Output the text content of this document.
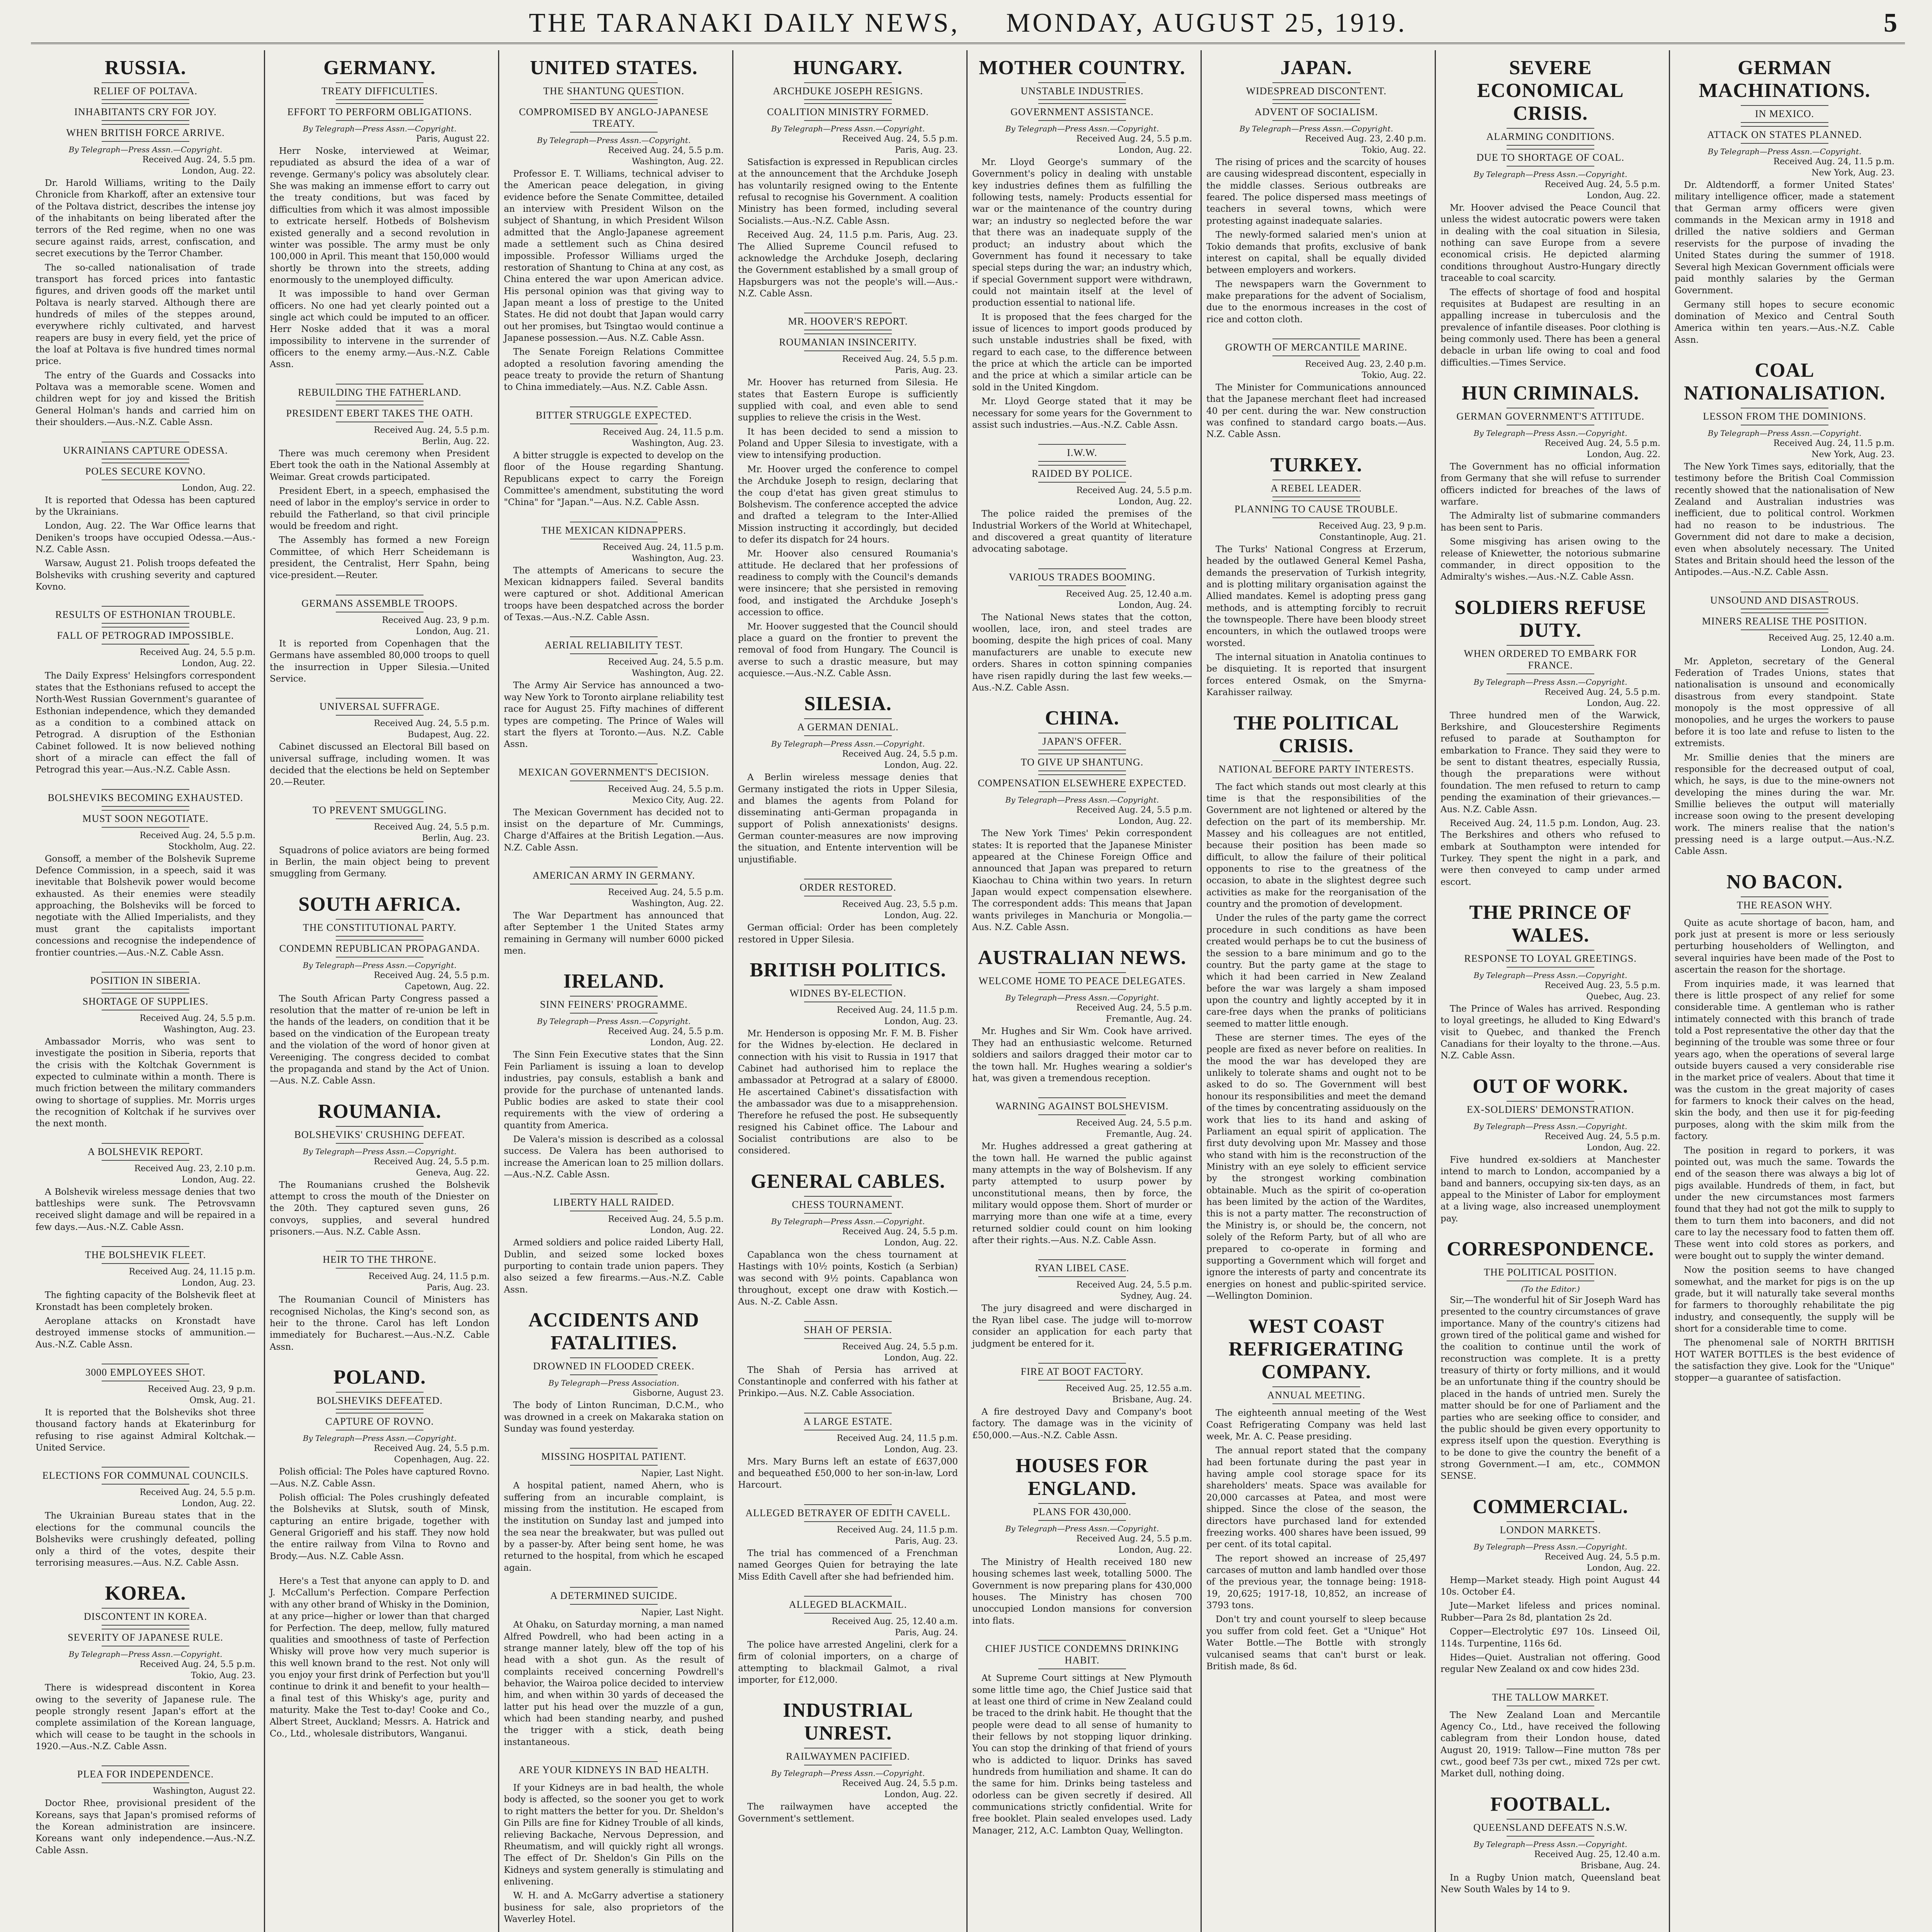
THE TARANAKI DAILY NEWS, MONDAY, AUGUST 25, 1919.	5
RUSSIA.
RELIEF OF POLTAVA.
INHABITANTS CRY FOR JOY.
WHEN BRITISH FORCE ARRIVE.
By Telegraph—Press Assn.—Copyright.
Received Aug. 24, 5.5 pm.
London, Aug. 22.

Dr. Harold Williams, writing to the Daily Chronicle from Kharkoff, after an extensive tour of the Poltava district, describes the intense joy of the inhabitants on being liberated after the terrors of the Red regime, when no one was secure against raids, arrest, confiscation, and secret executions by the Terror Chamber.

The so-called nationalisation of trade transport has forced prices into fantastic figures, and driven goods off the market until Poltava is nearly starved. Although there are hundreds of miles of the steppes around, everywhere richly cultivated, and harvest reapers are busy in every field, yet the price of the loaf at Poltava is five hundred times normal price.

The entry of the Guards and Cossacks into Poltava was a memorable scene. Women and children wept for joy and kissed the British General Holman's hands and carried him on their shoulders.—Aus.-N.Z. Cable Assn.

UKRAINIANS CAPTURE ODESSA.
POLES SECURE KOVNO.
London, Aug. 22.

It is reported that Odessa has been captured by the Ukrainians.

London, Aug. 22. The War Office learns that Deniken's troops have occupied Odessa.—Aus.-N.Z. Cable Assn.

Warsaw, August 21. Polish troops defeated the Bolsheviks with crushing severity and captured Kovno.

RESULTS OF ESTHONIAN TROUBLE.
FALL OF PETROGRAD IMPOSSIBLE.
Received Aug. 24, 5.5 p.m.
London, Aug. 22.

The Daily Express' Helsingfors correspondent states that the Esthonians refused to accept the North-West Russian Government's guarantee of Esthonian independence, which they demanded as a condition to a combined attack on Petrograd. A disruption of the Esthonian Cabinet followed. It is now believed nothing short of a miracle can effect the fall of Petrograd this year.—Aus.-N.Z. Cable Assn.

BOLSHEVIKS BECOMING EXHAUSTED.
MUST SOON NEGOTIATE.
Received Aug. 24, 5.5 p.m.
Stockholm, Aug. 22.

Gonsoff, a member of the Bolshevik Supreme Defence Commission, in a speech, said it was inevitable that Bolshevik power would become exhausted. As their enemies were steadily approaching, the Bolsheviks will be forced to negotiate with the Allied Imperialists, and they must grant the capitalists important concessions and recognise the independence of frontier countries.—Aus.-N.Z. Cable Assn.

POSITION IN SIBERIA.
SHORTAGE OF SUPPLIES.
Received Aug. 24, 5.5 p.m.
Washington, Aug. 23.

Ambassador Morris, who was sent to investigate the position in Siberia, reports that the crisis with the Koltchak Government is expected to culminate within a month. There is much friction between the military commanders owing to shortage of supplies. Mr. Morris urges the recognition of Koltchak if he survives over the next month.

A BOLSHEVIK REPORT.
Received Aug. 23, 2.10 p.m.
London, Aug. 22.

A Bolshevik wireless message denies that two battleships were sunk. The Petrovsvamn received slight damage and will be repaired in a few days.—Aus.-N.Z. Cable Assn.

THE BOLSHEVIK FLEET.
Received Aug. 24, 11.15 p.m.
London, Aug. 23.

The fighting capacity of the Bolshevik fleet at Kronstadt has been completely broken.

Aeroplane attacks on Kronstadt have destroyed immense stocks of ammunition.—Aus.-N.Z. Cable Assn.

3000 EMPLOYEES SHOT.
Received Aug. 23, 9 p.m.
Omsk, Aug. 21.

It is reported that the Bolsheviks shot three thousand factory hands at Ekaterinburg for refusing to rise against Admiral Koltchak.—United Service.

ELECTIONS FOR COMMUNAL COUNCILS.
Received Aug. 24, 5.5 p.m.
London, Aug. 22.

The Ukrainian Bureau states that in the elections for the communal councils the Bolsheviks were crushingly defeated, polling only a third of the votes, despite their terrorising measures.—Aus. N.Z. Cable Assn.

KOREA.
DISCONTENT IN KOREA.
SEVERITY OF JAPANESE RULE.
By Telegraph—Press Assn.—Copyright.
Received Aug. 24, 5.5 p.m.
Tokio, Aug. 23.

There is widespread discontent in Korea owing to the severity of Japanese rule. The people strongly resent Japan's effort at the complete assimilation of the Korean language, which will cease to be taught in the schools in 1920.—Aus.-N.Z. Cable Assn.

PLEA FOR INDEPENDENCE.
Washington, August 22.

Doctor Rhee, provisional president of the Koreans, says that Japan's promised reforms of the Korean administration are insincere. Koreans want only independence.—Aus.-N.Z. Cable Assn.

GERMANY.
TREATY DIFFICULTIES.
EFFORT TO PERFORM OBLIGATIONS.
By Telegraph—Press Assn.—Copyright.
Paris, August 22.

Herr Noske, interviewed at Weimar, repudiated as absurd the idea of a war of revenge. Germany's policy was absolutely clear. She was making an immense effort to carry out the treaty conditions, but was faced by difficulties from which it was almost impossible to extricate herself. Hotbeds of Bolshevism existed generally and a second revolution in winter was possible. The army must be only 100,000 in April. This meant that 150,000 would shortly be thrown into the streets, adding enormously to the unemployed difficulty.

It was impossible to hand over German officers. No one had yet clearly pointed out a single act which could be imputed to an officer. Herr Noske added that it was a moral impossibility to intervene in the surrender of officers to the enemy army.—Aus.-N.Z. Cable Assn.

REBUILDING THE FATHERLAND.
PRESIDENT EBERT TAKES THE OATH.
Received Aug. 24, 5.5 p.m.
Berlin, Aug. 22.

There was much ceremony when President Ebert took the oath in the National Assembly at Weimar. Great crowds participated.

President Ebert, in a speech, emphasised the need of labor in the employ's service in order to rebuild the Fatherland, so that civil principle would be freedom and right.

The Assembly has formed a new Foreign Committee, of which Herr Scheidemann is president, the Centralist, Herr Spahn, being vice-president.—Reuter.

GERMANS ASSEMBLE TROOPS.
Received Aug. 23, 9 p.m.
London, Aug. 21.

It is reported from Copenhagen that the Germans have assembled 80,000 troops to quell the insurrection in Upper Silesia.—United Service.

UNIVERSAL SUFFRAGE.
Received Aug. 24, 5.5 p.m.
Budapest, Aug. 22.

Cabinet discussed an Electoral Bill based on universal suffrage, including women. It was decided that the elections be held on September 20.—Reuter.

TO PREVENT SMUGGLING.
Received Aug. 24, 5.5 p.m.
Berlin, Aug. 23.

Squadrons of police aviators are being formed in Berlin, the main object being to prevent smuggling from Germany.

SOUTH AFRICA.
THE CONSTITUTIONAL PARTY.
CONDEMN REPUBLICAN PROPAGANDA.
By Telegraph—Press Assn.—Copyright.
Received Aug. 24, 5.5 p.m.
Capetown, Aug. 22.

The South African Party Congress passed a resolution that the matter of re-union be left in the hands of the leaders, on condition that it be based on the vindication of the European treaty and the violation of the word of honor given at Vereeniging. The congress decided to combat the propaganda and stand by the Act of Union.—Aus. N.Z. Cable Assn.

ROUMANIA.
BOLSHEVIKS' CRUSHING DEFEAT.
By Telegraph—Press Assn.—Copyright.
Received Aug. 24, 5.5 p.m.
Geneva, Aug. 22.

The Roumanians crushed the Bolshevik attempt to cross the mouth of the Dniester on the 20th. They captured seven guns, 26 convoys, supplies, and several hundred prisoners.—Aus. N.Z. Cable Assn.

HEIR TO THE THRONE.
Received Aug. 24, 11.5 p.m.
Paris, Aug. 23.

The Roumanian Council of Ministers has recognised Nicholas, the King's second son, as heir to the throne. Carol has left London immediately for Bucharest.—Aus.-N.Z. Cable Assn.

POLAND.
BOLSHEVIKS DEFEATED.
CAPTURE OF ROVNO.
By Telegraph—Press Assn.—Copyright.
Received Aug. 24, 5.5 p.m.
Copenhagen, Aug. 22.

Polish official: The Poles have captured Rovno.—Aus. N.Z. Cable Assn.

Polish official: The Poles crushingly defeated the Bolsheviks at Slutsk, south of Minsk, capturing an entire brigade, together with General Grigorieff and his staff. They now hold the entire railway from Vilna to Rovno and Brody.—Aus. N.Z. Cable Assn.

Here's a Test that anyone can apply to D. and J. McCallum's Perfection. Compare Perfection with any other brand of Whisky in the Dominion, at any price—higher or lower than that charged for Perfection. The deep, mellow, fully matured qualities and smoothness of taste of Perfection Whisky will prove how very much superior is this well known brand to the rest. Not only will you enjoy your first drink of Perfection but you'll continue to drink it and benefit to your health—a final test of this Whisky's age, purity and maturity. Make the Test to-day! Cooke and Co., Albert Street, Auckland; Messrs. A. Hatrick and Co., Ltd., wholesale distributors, Wanganui.

UNITED STATES.
THE SHANTUNG QUESTION.
COMPROMISED BY ANGLO-JAPANESE TREATY.
By Telegraph—Press Assn.—Copyright.
Received Aug. 24, 5.5 p.m.
Washington, Aug. 22.

Professor E. T. Williams, technical adviser to the American peace delegation, in giving evidence before the Senate Committee, detailed an interview with President Wilson on the subject of Shantung, in which President Wilson admitted that the Anglo-Japanese agreement made a settlement such as China desired impossible. Professor Williams urged the restoration of Shantung to China at any cost, as China entered the war upon American advice. His personal opinion was that giving way to Japan meant a loss of prestige to the United States. He did not doubt that Japan would carry out her promises, but Tsingtao would continue a Japanese possession.—Aus. N.Z. Cable Assn.

The Senate Foreign Relations Committee adopted a resolution favoring amending the peace treaty to provide the return of Shantung to China immediately.—Aus. N.Z. Cable Assn.

BITTER STRUGGLE EXPECTED.
Received Aug. 24, 11.5 p.m.
Washington, Aug. 23.

A bitter struggle is expected to develop on the floor of the House regarding Shantung. Republicans expect to carry the Foreign Committee's amendment, substituting the word "China" for "Japan."—Aus. N.Z. Cable Assn.

THE MEXICAN KIDNAPPERS.
Received Aug. 24, 11.5 p.m.
Washington, Aug. 23.

The attempts of Americans to secure the Mexican kidnappers failed. Several bandits were captured or shot. Additional American troops have been despatched across the border of Texas.—Aus.-N.Z. Cable Assn.

AERIAL RELIABILITY TEST.
Received Aug. 24, 5.5 p.m.
Washington, Aug. 22.

The Army Air Service has announced a two-way New York to Toronto airplane reliability test race for August 25. Fifty machines of different types are competing. The Prince of Wales will start the flyers at Toronto.—Aus. N.Z. Cable Assn.

MEXICAN GOVERNMENT'S DECISION.
Received Aug. 24, 5.5 p.m.
Mexico City, Aug. 22.

The Mexican Government has decided not to insist on the departure of Mr. Cummings, Charge d'Affaires at the British Legation.—Aus. N.Z. Cable Assn.

AMERICAN ARMY IN GERMANY.
Received Aug. 24, 5.5 p.m.
Washington, Aug. 22.

The War Department has announced that after September 1 the United States army remaining in Germany will number 6000 picked men.

IRELAND.
SINN FEINERS' PROGRAMME.
By Telegraph—Press Assn.—Copyright.
Received Aug. 24, 5.5 p.m.
London, Aug. 22.

The Sinn Fein Executive states that the Sinn Fein Parliament is issuing a loan to develop industries, pay consuls, establish a bank and provide for the purchase of untenanted lands. Public bodies are asked to state their cool requirements with the view of ordering a quantity from America.

De Valera's mission is described as a colossal success. De Valera has been authorised to increase the American loan to 25 million dollars.—Aus.-N.Z. Cable Assn.

LIBERTY HALL RAIDED.
Received Aug. 24, 5.5 p.m.
London, Aug. 22.

Armed soldiers and police raided Liberty Hall, Dublin, and seized some locked boxes purporting to contain trade union papers. They also seized a few firearms.—Aus.-N.Z. Cable Assn.

ACCIDENTS AND FATALITIES.
DROWNED IN FLOODED CREEK.
By Telegraph—Press Association.
Gisborne, August 23.

The body of Linton Runciman, D.C.M., who was drowned in a creek on Makaraka station on Sunday was found yesterday.

MISSING HOSPITAL PATIENT.
Napier, Last Night.

A hospital patient, named Ahern, who is suffering from an incurable complaint, is missing from the institution. He escaped from the institution on Sunday last and jumped into the sea near the breakwater, but was pulled out by a passer-by. After being sent home, he was returned to the hospital, from which he escaped again.

A DETERMINED SUICIDE.
Napier, Last Night.

At Ohaku, on Saturday morning, a man named Alfred Powdrell, who had been acting in a strange manner lately, blew off the top of his head with a shot gun. As the result of complaints received concerning Powdrell's behavior, the Wairoa police decided to interview him, and when within 30 yards of deceased the latter put his head over the muzzle of a gun, which had been standing nearby, and pushed the trigger with a stick, death being instantaneous.

ARE YOUR KIDNEYS IN BAD HEALTH.

If your Kidneys are in bad health, the whole body is affected, so the sooner you get to work to right matters the better for you. Dr. Sheldon's Gin Pills are fine for Kidney Trouble of all kinds, relieving Backache, Nervous Depression, and Rheumatism, and will quickly right all wrongs. The effect of Dr. Sheldon's Gin Pills on the Kidneys and system generally is stimulating and enlivening.

W. H. and A. McGarry advertise a stationery business for sale, also proprietors of the Waverley Hotel.

HUNGARY.
ARCHDUKE JOSEPH RESIGNS.
COALITION MINISTRY FORMED.
By Telegraph—Press Assn.—Copyright.
Received Aug. 24, 5.5 p.m.
Paris, Aug. 23.

Satisfaction is expressed in Republican circles at the announcement that the Archduke Joseph has voluntarily resigned owing to the Entente refusal to recognise his Government. A coalition Ministry has been formed, including several Socialists.—Aus.-N.Z. Cable Assn.

Received Aug. 24, 11.5 p.m. Paris, Aug. 23. The Allied Supreme Council refused to acknowledge the Archduke Joseph, declaring the Government established by a small group of Hapsburgers was not the people's will.—Aus.-N.Z. Cable Assn.

MR. HOOVER'S REPORT.
ROUMANIAN INSINCERITY.
Received Aug. 24, 5.5 p.m.
Paris, Aug. 23.

Mr. Hoover has returned from Silesia. He states that Eastern Europe is sufficiently supplied with coal, and even able to send supplies to relieve the crisis in the West.

It has been decided to send a mission to Poland and Upper Silesia to investigate, with a view to intensifying production.

Mr. Hoover urged the conference to compel the Archduke Joseph to resign, declaring that the coup d'etat has given great stimulus to Bolshevism. The conference accepted the advice and drafted a telegram to the Inter-Allied Mission instructing it accordingly, but decided to defer its dispatch for 24 hours.

Mr. Hoover also censured Roumania's attitude. He declared that her professions of readiness to comply with the Council's demands were insincere; that she persisted in removing food, and instigated the Archduke Joseph's accession to office.

Mr. Hoover suggested that the Council should place a guard on the frontier to prevent the removal of food from Hungary. The Council is averse to such a drastic measure, but may acquiesce.—Aus.-N.Z. Cable Assn.

SILESIA.
A GERMAN DENIAL.
By Telegraph—Press Assn.—Copyright.
Received Aug. 24, 5.5 p.m.
London, Aug. 22.

A Berlin wireless message denies that Germany instigated the riots in Upper Silesia, and blames the agents from Poland for disseminating anti-German propaganda in support of Polish annexationists' designs. German counter-measures are now improving the situation, and Entente intervention will be unjustifiable.

ORDER RESTORED.
Received Aug. 23, 5.5 p.m.
London, Aug. 22.

German official: Order has been completely restored in Upper Silesia.

BRITISH POLITICS.
WIDNES BY-ELECTION.
Received Aug. 24, 11.5 p.m.
London, Aug. 23.

Mr. Henderson is opposing Mr. F. M. B. Fisher for the Widnes by-election. He declared in connection with his visit to Russia in 1917 that Cabinet had authorised him to replace the ambassador at Petrograd at a salary of £8000. He ascertained Cabinet's dissatisfaction with the ambassador was due to a misapprehension. Therefore he refused the post. He subsequently resigned his Cabinet office. The Labour and Socialist contributions are also to be considered.

GENERAL CABLES.
CHESS TOURNAMENT.
By Telegraph—Press Assn.—Copyright.
Received Aug. 24, 5.5 p.m.
London, Aug. 22.

Capablanca won the chess tournament at Hastings with 10½ points, Kostich (a Serbian) was second with 9½ points. Capablanca won throughout, except one draw with Kostich.—Aus. N.-Z. Cable Assn.

SHAH OF PERSIA.
Received Aug. 24, 5.5 p.m.
London, Aug. 22.

The Shah of Persia has arrived at Constantinople and conferred with his father at Prinkipo.—Aus. N.Z. Cable Association.

A LARGE ESTATE.
Received Aug. 24, 11.5 p.m.
London, Aug. 23.

Mrs. Mary Burns left an estate of £637,000 and bequeathed £50,000 to her son-in-law, Lord Harcourt.

ALLEGED BETRAYER OF EDITH CAVELL.
Received Aug. 24, 11.5 p.m.
Paris, Aug. 23.

The trial has commenced of a Frenchman named Georges Quien for betraying the late Miss Edith Cavell after she had befriended him.

ALLEGED BLACKMAIL.
Received Aug. 25, 12.40 a.m.
Paris, Aug. 24.

The police have arrested Angelini, clerk for a firm of colonial importers, on a charge of attempting to blackmail Galmot, a rival importer, for £12,000.

INDUSTRIAL UNREST.
RAILWAYMEN PACIFIED.
By Telegraph—Press Assn.—Copyright.
Received Aug. 24, 5.5 p.m.
London, Aug. 22.

The railwaymen have accepted the Government's settlement.

MOTHER COUNTRY.
UNSTABLE INDUSTRIES.
GOVERNMENT ASSISTANCE.
By Telegraph—Press Assn.—Copyright.
Received Aug. 24, 5.5 p.m.
London, Aug. 22.

Mr. Lloyd George's summary of the Government's policy in dealing with unstable key industries defines them as fulfilling the following tests, namely: Products essential for war or the maintenance of the country during war; an industry so neglected before the war that there was an inadequate supply of the product; an industry about which the Government has found it necessary to take special steps during the war; an industry which, if special Government support were withdrawn, could not maintain itself at the level of production essential to national life.

It is proposed that the fees charged for the issue of licences to import goods produced by such unstable industries shall be fixed, with regard to each case, to the difference between the price at which the article can be imported and the price at which a similar article can be sold in the United Kingdom.

Mr. Lloyd George stated that it may be necessary for some years for the Government to assist such industries.—Aus.-N.Z. Cable Assn.

I.W.W.
RAIDED BY POLICE.
Received Aug. 24, 5.5 p.m.
London, Aug. 22.

The police raided the premises of the Industrial Workers of the World at Whitechapel, and discovered a great quantity of literature advocating sabotage.

VARIOUS TRADES BOOMING.
Received Aug. 25, 12.40 a.m.
London, Aug. 24.

The National News states that the cotton, woollen, lace, iron, and steel trades are booming, despite the high prices of coal. Many manufacturers are unable to execute new orders. Shares in cotton spinning companies have risen rapidly during the last few weeks.—Aus.-N.Z. Cable Assn.

CHINA.
JAPAN'S OFFER.
TO GIVE UP SHANTUNG.
COMPENSATION ELSEWHERE EXPECTED.
By Telegraph—Press Assn.—Copyright.
Received Aug. 24, 5.5 p.m.
London, Aug. 22.

The New York Times' Pekin correspondent states: It is reported that the Japanese Minister appeared at the Chinese Foreign Office and announced that Japan was prepared to return Kiaochau to China within two years. In return Japan would expect compensation elsewhere. The correspondent adds: This means that Japan wants privileges in Manchuria or Mongolia.—Aus. N.Z. Cable Assn.

AUSTRALIAN NEWS.
WELCOME HOME TO PEACE DELEGATES.
By Telegraph—Press Assn.—Copyright.
Received Aug. 24, 5.5 p.m.
Fremantle, Aug. 24.

Mr. Hughes and Sir Wm. Cook have arrived. They had an enthusiastic welcome. Returned soldiers and sailors dragged their motor car to the town hall. Mr. Hughes wearing a soldier's hat, was given a tremendous reception.

WARNING AGAINST BOLSHEVISM.
Received Aug. 24, 5.5 p.m.
Fremantle, Aug. 24.

Mr. Hughes addressed a great gathering at the town hall. He warned the public against many attempts in the way of Bolshevism. If any party attempted to usurp power by unconstitutional means, then by force, the military would oppose them. Short of murder or marrying more than one wife at a time, every returned soldier could count on him looking after their rights.—Aus. N.Z. Cable Assn.

RYAN LIBEL CASE.
Received Aug. 24, 5.5 p.m.
Sydney, Aug. 24.

The jury disagreed and were discharged in the Ryan libel case. The judge will to-morrow consider an application for each party that judgment be entered for it.

FIRE AT BOOT FACTORY.
Received Aug. 25, 12.55 a.m.
Brisbane, Aug. 24.

A fire destroyed Davy and Company's boot factory. The damage was in the vicinity of £50,000.—Aus.-N.Z. Cable Assn.

HOUSES FOR ENGLAND.
PLANS FOR 430,000.
By Telegraph—Press Assn.—Copyright.
Received Aug. 24, 5.5 p.m.
London, Aug. 22.

The Ministry of Health received 180 new housing schemes last week, totalling 5000. The Government is now preparing plans for 430,000 houses. The Ministry has chosen 700 unoccupied London mansions for conversion into flats.

CHIEF JUSTICE CONDEMNS DRINKING HABIT.

At Supreme Court sittings at New Plymouth some little time ago, the Chief Justice said that at least one third of crime in New Zealand could be traced to the drink habit. He thought that the people were dead to all sense of humanity to their fellows by not stopping liquor drinking. You can stop the drinking of that friend of yours who is addicted to liquor. Drinks has saved hundreds from humiliation and shame. It can do the same for him. Drinks being tasteless and odorless can be given secretly if desired. All communications strictly confidential. Write for free booklet. Plain sealed envelopes used. Lady Manager, 212, A.C. Lambton Quay, Wellington.

JAPAN.
WIDESPREAD DISCONTENT.
ADVENT OF SOCIALISM.
By Telegraph—Press Assn.—Copyright.
Received Aug. 23, 2.40 p.m.
Tokio, Aug. 22.

The rising of prices and the scarcity of houses are causing widespread discontent, especially in the middle classes. Serious outbreaks are feared. The police dispersed mass meetings of teachers in several towns, which were protesting against inadequate salaries.

The newly-formed salaried men's union at Tokio demands that profits, exclusive of bank interest on capital, shall be equally divided between employers and workers.

The newspapers warn the Government to make preparations for the advent of Socialism, due to the enormous increases in the cost of rice and cotton cloth.

GROWTH OF MERCANTILE MARINE.
Received Aug. 23, 2.40 p.m.
Tokio, Aug. 22.

The Minister for Communications announced that the Japanese merchant fleet had increased 40 per cent. during the war. New construction was confined to standard cargo boats.—Aus. N.Z. Cable Assn.

TURKEY.
A REBEL LEADER.
PLANNING TO CAUSE TROUBLE.
Received Aug. 23, 9 p.m.
Constantinople, Aug. 21.

The Turks' National Congress at Erzerum, headed by the outlawed General Kemel Pasha, demands the preservation of Turkish integrity, and is plotting military organisation against the Allied mandates. Kemel is adopting press gang methods, and is attempting forcibly to recruit the townspeople. There have been bloody street encounters, in which the outlawed troops were worsted.

The internal situation in Anatolia continues to be disquieting. It is reported that insurgent forces entered Osmak, on the Smyrna-Karahisser railway.

THE POLITICAL CRISIS.
NATIONAL BEFORE PARTY INTERESTS.

The fact which stands out most clearly at this time is that the responsibilities of the Government are not lightened or altered by the defection on the part of its membership. Mr. Massey and his colleagues are not entitled, because their position has been made so difficult, to allow the failure of their political opponents to rise to the greatness of the occasion, to abate in the slightest degree such activities as make for the reorganisation of the country and the promotion of development.

Under the rules of the party game the correct procedure in such conditions as have been created would perhaps be to cut the business of the session to a bare minimum and go to the country. But the party game at the stage to which it had been carried in New Zealand before the war was largely a sham imposed upon the country and lightly accepted by it in care-free days when the pranks of politicians seemed to matter little enough.

These are sterner times. The eyes of the people are fixed as never before on realities. In the mood the war has developed they are unlikely to tolerate shams and ought not to be asked to do so. The Government will best honour its responsibilities and meet the demand of the times by concentrating assiduously on the work that lies to its hand and asking of Parliament an equal spirit of application. The first duty devolving upon Mr. Massey and those who stand with him is the reconstruction of the Ministry with an eye solely to efficient service by the strongest working combination obtainable. Much as the spirit of co-operation has been limited by the action of the Wardites, this is not a party matter. The reconstruction of the Ministry is, or should be, the concern, not solely of the Reform Party, but of all who are prepared to co-operate in forming and supporting a Government which will forget and ignore the interests of party and concentrate its energies on honest and public-spirited service.—Wellington Dominion.

WEST COAST REFRIGERATING COMPANY.
ANNUAL MEETING.

The eighteenth annual meeting of the West Coast Refrigerating Company was held last week, Mr. A. C. Pease presiding.

The annual report stated that the company had been fortunate during the past year in having ample cool storage space for its shareholders' meats. Space was available for 20,000 carcasses at Patea, and most were shipped. Since the close of the season, the directors have purchased land for extended freezing works. 400 shares have been issued, 99 per cent. of its total capital.

The report showed an increase of 25,497 carcases of mutton and lamb handled over those of the previous year, the tonnage being: 1918-19, 20,625; 1917-18, 10,852, an increase of 3793 tons.

Don't try and count yourself to sleep because you suffer from cold feet. Get a "Unique" Hot Water Bottle.—The Bottle with strongly vulcanised seams that can't burst or leak. British made, 8s 6d.

SEVERE ECONOMICAL CRISIS.
ALARMING CONDITIONS.
DUE TO SHORTAGE OF COAL.
By Telegraph—Press Assn.—Copyright.
Received Aug. 24, 5.5 p.m.
London, Aug. 22.

Mr. Hoover advised the Peace Council that unless the widest autocratic powers were taken in dealing with the coal situation in Silesia, nothing can save Europe from a severe economical crisis. He depicted alarming conditions throughout Austro-Hungary directly traceable to coal scarcity.

The effects of shortage of food and hospital requisites at Budapest are resulting in an appalling increase in tuberculosis and the prevalence of infantile diseases. Poor clothing is being commonly used. There has been a general debacle in urban life owing to coal and food difficulties.—Times Service.

HUN CRIMINALS.
GERMAN GOVERNMENT'S ATTITUDE.
By Telegraph—Press Assn.—Copyright.
Received Aug. 24, 5.5 p.m.
London, Aug. 22.

The Government has no official information from Germany that she will refuse to surrender officers indicted for breaches of the laws of warfare.

The Admiralty list of submarine commanders has been sent to Paris.

Some misgiving has arisen owing to the release of Kniewetter, the notorious submarine commander, in direct opposition to the Admiralty's wishes.—Aus.-N.Z. Cable Assn.

SOLDIERS REFUSE DUTY.
WHEN ORDERED TO EMBARK FOR FRANCE.
By Telegraph—Press Assn.—Copyright.
Received Aug. 24, 5.5 p.m.
London, Aug. 22.

Three hundred men of the Warwick, Berkshire, and Gloucestershire Regiments refused to parade at Southampton for embarkation to France. They said they were to be sent to distant theatres, especially Russia, though the preparations were without foundation. The men refused to return to camp pending the examination of their grievances.—Aus. N.Z. Cable Assn.

Received Aug. 24, 11.5 p.m. London, Aug. 23. The Berkshires and others who refused to embark at Southampton were intended for Turkey. They spent the night in a park, and were then conveyed to camp under armed escort.

THE PRINCE OF WALES.
RESPONSE TO LOYAL GREETINGS.
By Telegraph—Press Assn.—Copyright.
Received Aug. 23, 5.5 p.m.
Quebec, Aug. 23.

The Prince of Wales has arrived. Responding to loyal greetings, he alluded to King Edward's visit to Quebec, and thanked the French Canadians for their loyalty to the throne.—Aus. N.Z. Cable Assn.

OUT OF WORK.
EX-SOLDIERS' DEMONSTRATION.
By Telegraph—Press Assn.—Copyright.
Received Aug. 24, 5.5 p.m.
London, Aug. 22.

Five hundred ex-soldiers at Manchester intend to march to London, accompanied by a band and banners, occupying six-ten days, as an appeal to the Minister of Labor for employment at a living wage, also increased unemployment pay.

CORRESPONDENCE.
THE POLITICAL POSITION.
(To the Editor.)

Sir,—The wonderful hit of Sir Joseph Ward has presented to the country circumstances of grave importance. Many of the country's citizens had grown tired of the political game and wished for the coalition to continue until the work of reconstruction was complete. It is a pretty treasury of thirty or forty millions, and it would be an unfortunate thing if the country should be placed in the hands of untried men. Surely the matter should be for one of Parliament and the parties who are seeking office to consider, and the public should be given every opportunity to express itself upon the question. Everything is to be done to give the country the benefit of a strong Government.—I am, etc., COMMON SENSE.

COMMERCIAL.
LONDON MARKETS.
By Telegraph—Press Assn.—Copyright.
Received Aug. 24, 5.5 p.m.
London, Aug. 22.

Hemp—Market steady. High point August 44 10s. October £4.

Jute—Market lifeless and prices nominal. Rubber—Para 2s 8d, plantation 2s 2d.

Copper—Electrolytic £97 10s. Linseed Oil, 114s. Turpentine, 116s 6d.

Hides—Quiet. Australian not offering. Good regular New Zealand ox and cow hides 23d.

THE TALLOW MARKET.

The New Zealand Loan and Mercantile Agency Co., Ltd., have received the following cablegram from their London house, dated August 20, 1919: Tallow—Fine mutton 78s per cwt., good beef 73s per cwt., mixed 72s per cwt. Market dull, nothing doing.

FOOTBALL.
QUEENSLAND DEFEATS N.S.W.
By Telegraph—Press Assn.—Copyright.
Received Aug. 25, 12.40 a.m.
Brisbane, Aug. 24.

In a Rugby Union match, Queensland beat New South Wales by 14 to 9.

GERMAN MACHINATIONS.
IN MEXICO.
ATTACK ON STATES PLANNED.
By Telegraph—Press Assn.—Copyright.
Received Aug. 24, 11.5 p.m.
New York, Aug. 23.

Dr. Aldtendorff, a former United States' military intelligence officer, made a statement that German army officers were given commands in the Mexican army in 1918 and drilled the native soldiers and German reservists for the purpose of invading the United States during the summer of 1918. Several high Mexican Government officials were paid monthly salaries by the German Government.

Germany still hopes to secure economic domination of Mexico and Central South America within ten years.—Aus.-N.Z. Cable Assn.

COAL NATIONALISATION.
LESSON FROM THE DOMINIONS.
By Telegraph—Press Assn.—Copyright.
Received Aug. 24, 11.5 p.m.
New York, Aug. 23.

The New York Times says, editorially, that the testimony before the British Coal Commission recently showed that the nationalisation of New Zealand and Australian industries was inefficient, due to political control. Workmen had no reason to be industrious. The Government did not dare to make a decision, even when absolutely necessary. The United States and Britain should heed the lesson of the Antipodes.—Aus.-N.Z. Cable Assn.

UNSOUND AND DISASTROUS.
MINERS REALISE THE POSITION.
Received Aug. 25, 12.40 a.m.
London, Aug. 24.

Mr. Appleton, secretary of the General Federation of Trades Unions, states that nationalisation is unsound and economically disastrous from every standpoint. State monopoly is the most oppressive of all monopolies, and he urges the workers to pause before it is too late and refuse to listen to the extremists.

Mr. Smillie denies that the miners are responsible for the decreased output of coal, which, he says, is due to the mine-owners not developing the mines during the war. Mr. Smillie believes the output will materially increase soon owing to the present developing work. The miners realise that the nation's pressing need is a large output.—Aus.-N.Z. Cable Assn.

NO BACON.
THE REASON WHY.

Quite as acute shortage of bacon, ham, and pork just at present is more or less seriously perturbing householders of Wellington, and several inquiries have been made of the Post to ascertain the reason for the shortage.

From inquiries made, it was learned that there is little prospect of any relief for some considerable time. A gentleman who is rather intimately connected with this branch of trade told a Post representative the other day that the beginning of the trouble was some three or four years ago, when the operations of several large outside buyers caused a very considerable rise in the market price of vealers. About that time it was the custom in the great majority of cases for farmers to knock their calves on the head, skin the body, and then use it for pig-feeding purposes, along with the skim milk from the factory.

The position in regard to porkers, it was pointed out, was much the same. Towards the end of the season there was always a big lot of pigs available. Hundreds of them, in fact, but under the new circumstances most farmers found that they had not got the milk to supply to them to turn them into baconers, and did not care to lay the necessary food to fatten them off. These went into cold stores as porkers, and were bought out to supply the winter demand.

Now the position seems to have changed somewhat, and the market for pigs is on the up grade, but it will naturally take several months for farmers to thoroughly rehabilitate the pig industry, and consequently, the supply will be short for a considerable time to come.

The phenomenal sale of NORTH BRITISH HOT WATER BOTTLES is the best evidence of the satisfaction they give. Look for the "Unique" stopper—a guarantee of satisfaction.
